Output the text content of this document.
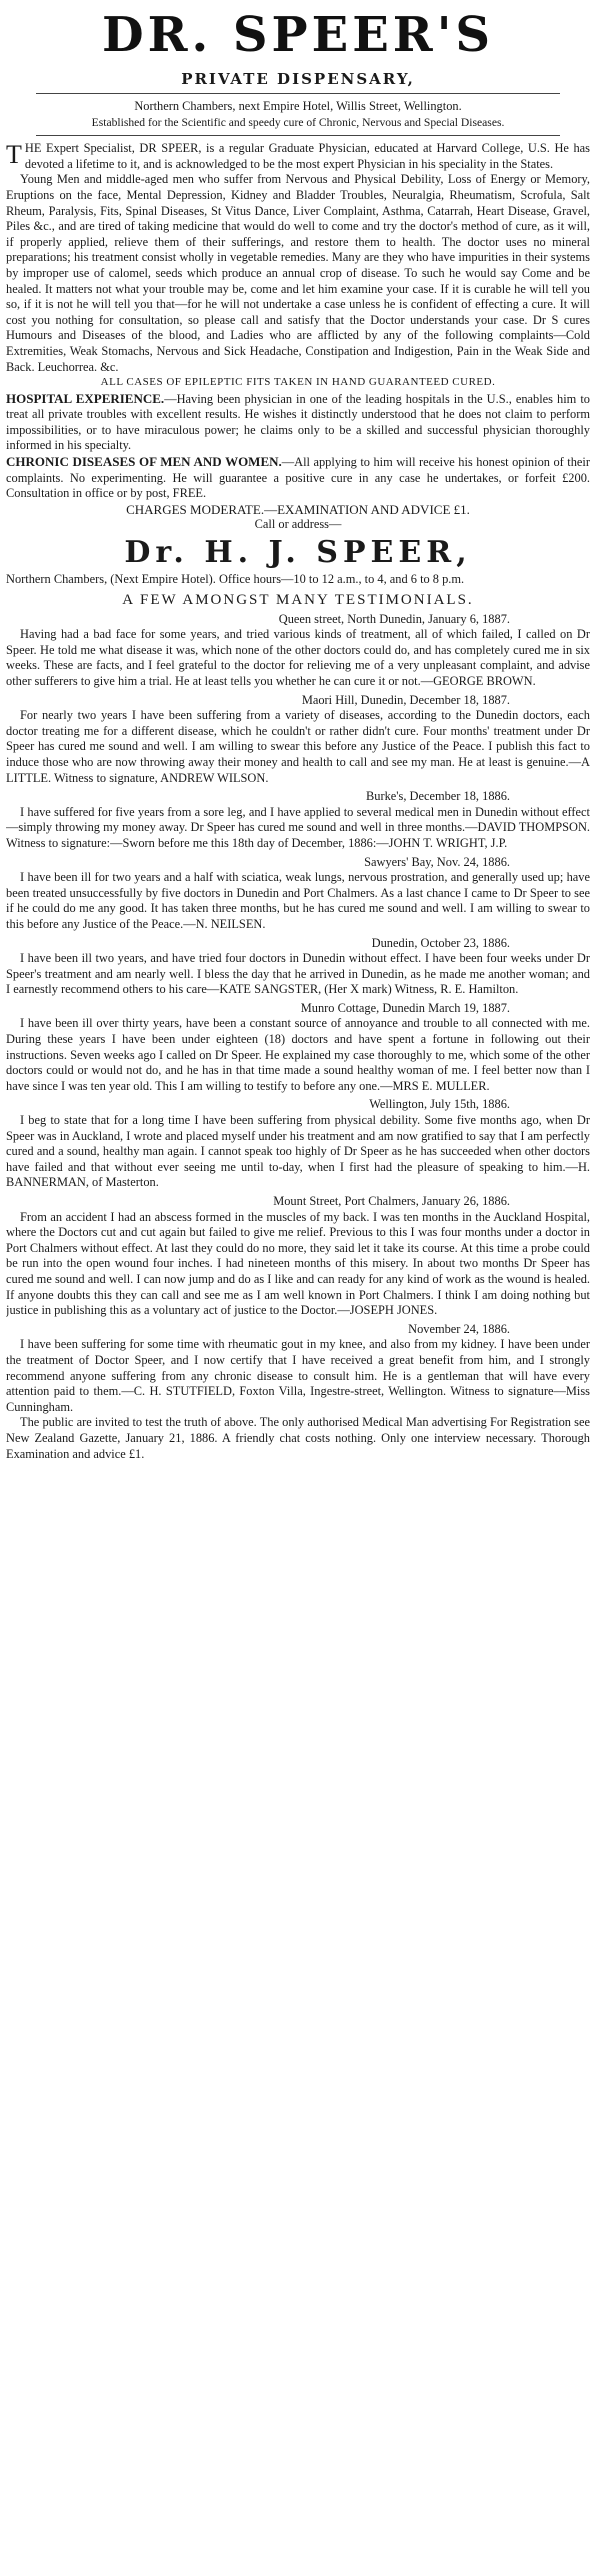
DR. SPEER'S
PRIVATE DISPENSARY,

Northern Chambers, next Empire Hotel, Willis Street, Wellington.

Established for the Scientific and speedy cure of Chronic, Nervous and Special Diseases.

THE Expert Specialist, DR SPEER, is a regular Graduate Physician, educated at Harvard College, U.S. He has devoted a lifetime to it, and is acknowledged to be the most expert Physician in his speciality in the States.

Young Men and middle-aged men who suffer from Nervous and Physical Debility, Loss of Energy or Memory, Eruptions on the face, Mental Depression, Kidney and Bladder Troubles, Neuralgia, Rheumatism, Scrofula, Salt Rheum, Paralysis, Fits, Spinal Diseases, St Vitus Dance, Liver Complaint, Asthma, Catarrah, Heart Disease, Gravel, Piles &c., and are tired of taking medicine that would do well to come and try the doctor's method of cure, as it will, if properly applied, relieve them of their sufferings, and restore them to health. The doctor uses no mineral preparations; his treatment consist wholly in vegetable remedies. Many are they who have impurities in their systems by improper use of calomel, seeds which produce an annual crop of disease. To such he would say Come and be healed. It matters not what your trouble may be, come and let him examine your case. If it is curable he will tell you so, if it is not he will tell you that—for he will not undertake a case unless he is confident of effecting a cure. It will cost you nothing for consultation, so please call and satisfy that the Doctor understands your case. Dr S cures Humours and Diseases of the blood, and Ladies who are afflicted by any of the following complaints—Cold Extremities, Weak Stomachs, Nervous and Sick Headache, Constipation and Indigestion, Pain in the Weak Side and Back. Leuchorrea. &c.

ALL CASES OF EPILEPTIC FITS TAKEN IN HAND GUARANTEED CURED.

HOSPITAL EXPERIENCE.—Having been physician in one of the leading hospitals in the U.S., enables him to treat all private troubles with excellent results. He wishes it distinctly understood that he does not claim to perform impossibilities, or to have miraculous power; he claims only to be a skilled and successful physician thoroughly informed in his specialty.

CHRONIC DISEASES OF MEN AND WOMEN.—All applying to him will receive his honest opinion of their complaints. No experimenting. He will guarantee a positive cure in any case he undertakes, or forfeit £200. Consultation in office or by post, FREE.

CHARGES MODERATE.—EXAMINATION AND ADVICE £1.

Call or address—

Dr. H. J. SPEER,

Northern Chambers, (Next Empire Hotel). Office hours—10 to 12 a.m., to 4, and 6 to 8 p.m.

A FEW AMONGST MANY TESTIMONIALS.

Queen street, North Dunedin, January 6, 1887.

Having had a bad face for some years, and tried various kinds of treatment, all of which failed, I called on Dr Speer. He told me what disease it was, which none of the other doctors could do, and has completely cured me in six weeks. These are facts, and I feel grateful to the doctor for relieving me of a very unpleasant complaint, and advise other sufferers to give him a trial. He at least tells you whether he can cure it or not.—GEORGE BROWN.

Maori Hill, Dunedin, December 18, 1887.

For nearly two years I have been suffering from a variety of diseases, according to the Dunedin doctors, each doctor treating me for a different disease, which he couldn't or rather didn't cure. Four months' treatment under Dr Speer has cured me sound and well. I am willing to swear this before any Justice of the Peace. I publish this fact to induce those who are now throwing away their money and health to call and see my man. He at least is genuine.—A LITTLE. Witness to signature, ANDREW WILSON.

Burke's, December 18, 1886.

I have suffered for five years from a sore leg, and I have applied to several medical men in Dunedin without effect—simply throwing my money away. Dr Speer has cured me sound and well in three months.—DAVID THOMPSON. Witness to signature:—Sworn before me this 18th day of December, 1886:—JOHN T. WRIGHT, J.P.

Sawyers' Bay, Nov. 24, 1886.

I have been ill for two years and a half with sciatica, weak lungs, nervous prostration, and generally used up; have been treated unsuccessfully by five doctors in Dunedin and Port Chalmers. As a last chance I came to Dr Speer to see if he could do me any good. It has taken three months, but he has cured me sound and well. I am willing to swear to this before any Justice of the Peace.—N. NEILSEN.

Dunedin, October 23, 1886.

I have been ill two years, and have tried four doctors in Dunedin without effect. I have been four weeks under Dr Speer's treatment and am nearly well. I bless the day that he arrived in Dunedin, as he made me another woman; and I earnestly recommend others to his care—KATE SANGSTER, (Her X mark) Witness, R. E. Hamilton.

Munro Cottage, Dunedin March 19, 1887.

I have been ill over thirty years, have been a constant source of annoyance and trouble to all connected with me. During these years I have been under eighteen (18) doctors and have spent a fortune in following out their instructions. Seven weeks ago I called on Dr Speer. He explained my case thoroughly to me, which some of the other doctors could or would not do, and he has in that time made a sound healthy woman of me. I feel better now than I have since I was ten year old. This I am willing to testify to before any one.—MRS E. MULLER.

Wellington, July 15th, 1886.

I beg to state that for a long time I have been suffering from physical debility. Some five months ago, when Dr Speer was in Auckland, I wrote and placed myself under his treatment and am now gratified to say that I am perfectly cured and a sound, healthy man again. I cannot speak too highly of Dr Speer as he has succeeded when other doctors have failed and that without ever seeing me until to-day, when I first had the pleasure of speaking to him.—H. BANNERMAN, of Masterton.

Mount Street, Port Chalmers, January 26, 1886.

From an accident I had an abscess formed in the muscles of my back. I was ten months in the Auckland Hospital, where the Doctors cut and cut again but failed to give me relief. Previous to this I was four months under a doctor in Port Chalmers without effect. At last they could do no more, they said let it take its course. At this time a probe could be run into the open wound four inches. I had nineteen months of this misery. In about two months Dr Speer has cured me sound and well. I can now jump and do as I like and can ready for any kind of work as the wound is healed. If anyone doubts this they can call and see me as I am well known in Port Chalmers. I think I am doing nothing but justice in publishing this as a voluntary act of justice to the Doctor.—JOSEPH JONES.

November 24, 1886.

I have been suffering for some time with rheumatic gout in my knee, and also from my kidney. I have been under the treatment of Doctor Speer, and I now certify that I have received a great benefit from him, and I strongly recommend anyone suffering from any chronic disease to consult him. He is a gentleman that will have every attention paid to them.—C. H. STUTFIELD, Foxton Villa, Ingestre-street, Wellington. Witness to signature—Miss Cunningham.

The public are invited to test the truth of above. The only authorised Medical Man advertising For Registration see New Zealand Gazette, January 21, 1886. A friendly chat costs nothing. Only one interview necessary. Thorough Examination and advice £1.
